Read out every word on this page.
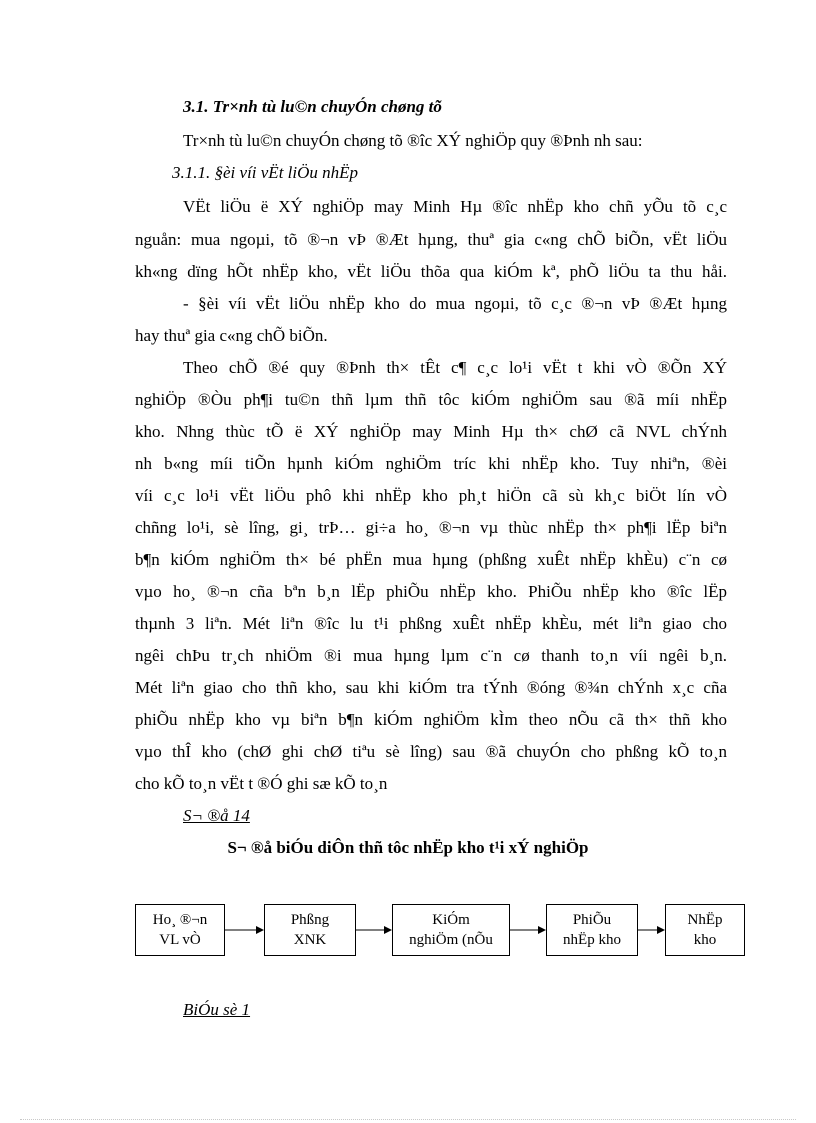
3.1. Tr×nh tù lu©n chuyÓn chøng tõ
Tr×nh tù lu©n chuyÓn chøng tõ ®îc XÝ nghiÖp quy ®Þnh nh sau:
3.1.1. §èi víi vËt liÖu nhËp
VËt liÖu ë XÝ nghiÖp may Minh Hµ ®îc nhËp kho chñ yÕu tõ c¸c
nguån: mua ngoµi, tõ ®¬n vÞ ®Æt hµng, thuª gia c«ng chÕ biÕn, vËt liÖu
kh«ng dïng hÕt nhËp kho, vËt liÖu thõa qua kiÓm kª, phÕ liÖu ta thu håi.
- §èi víi vËt liÖu nhËp kho do mua ngoµi, tõ c¸c ®¬n vÞ ®Æt hµng
hay thuª gia c«ng chÕ biÕn.
Theo chÕ ®é quy ®Þnh th× tÊt c¶ c¸c lo¹i vËt t khi vÒ ®Õn XÝ
nghiÖp ®Òu ph¶i tu©n thñ lµm thñ tôc kiÓm nghiÖm sau ®ã míi nhËp
kho. Nhng thùc tÕ ë XÝ nghiÖp may Minh Hµ th× chØ cã NVL chÝnh
nh b«ng míi tiÕn hµnh kiÓm nghiÖm tríc khi nhËp kho. Tuy nhiªn, ®èi
víi c¸c lo¹i vËt liÖu phô khi nhËp kho ph¸t hiÖn cã sù kh¸c biÖt lín vÒ
chñng lo¹i, sè lîng, gi¸ trÞ… gi÷a ho¸ ®¬n vµ thùc nhËp th× ph¶i lËp biªn
b¶n kiÓm nghiÖm th× bé phËn mua hµng (phßng xuÊt nhËp khÈu) c¨n cø
vµo ho¸ ®¬n cña bªn b¸n lËp phiÕu nhËp kho. PhiÕu nhËp kho ®îc lËp
thµnh 3 liªn. Mét liªn ®îc lu t¹i phßng xuÊt nhËp khÈu, mét liªn giao cho
ngêi chÞu tr¸ch nhiÖm ®i mua hµng lµm c¨n cø thanh to¸n víi ngêi b¸n.
Mét liªn giao cho thñ kho, sau khi kiÓm tra tÝnh ®óng ®¾n chÝnh x¸c cña
phiÕu nhËp kho vµ biªn b¶n kiÓm nghiÖm kÌm theo nÕu cã th× thñ kho
vµo thÎ kho (chØ ghi chØ tiªu sè lîng) sau ®ã chuyÓn cho phßng kÕ to¸n
cho kÕ to¸n vËt t ®Ó ghi sæ kÕ to¸n
S¬ ®å 14
S¬ ®å biÓu diÔn thñ tôc nhËp kho t¹i xÝ nghiÖp
Ho¸ ®¬n
VL vÒ
Phßng
XNK
KiÓm
nghiÖm (nÕu
PhiÕu
nhËp kho
NhËp
kho
BiÓu sè 1
